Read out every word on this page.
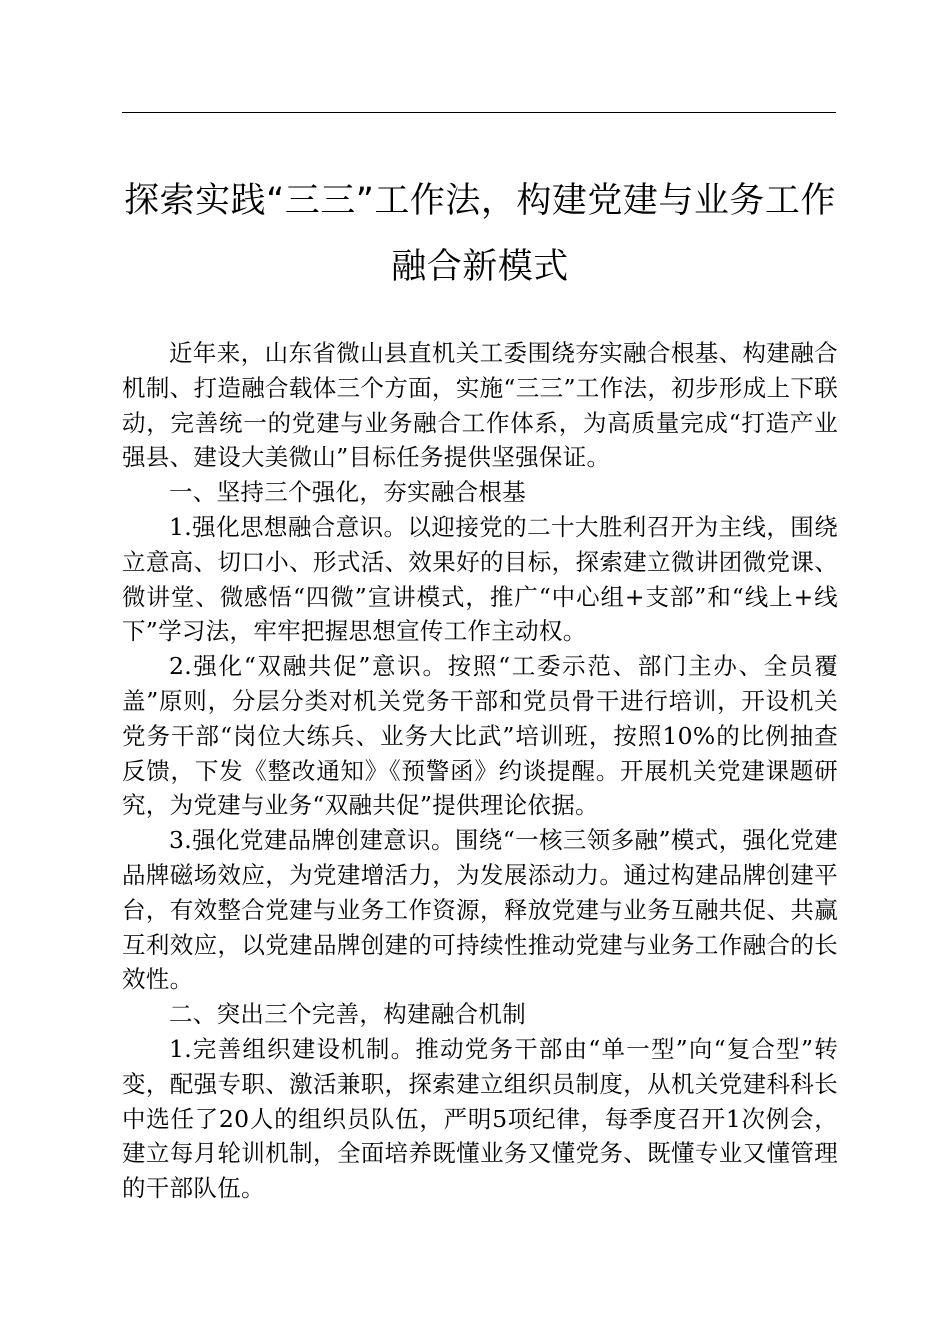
探索实践“三三”工作法，构建党建与业务工作
融合新模式

近年来，山东省微山县直机关工委围绕夯实融合根基、构建融合机制、打造融合载体三个方面，实施“三三”工作法，初步形成上下联动，完善统一的党建与业务融合工作体系，为高质量完成“打造产业强县、建设大美微山”目标任务提供坚强保证。

一、坚持三个强化，夯实融合根基

1.强化思想融合意识。以迎接党的二十大胜利召开为主线，围绕立意高、切口小、形式活、效果好的目标，探索建立微讲团微党课、微讲堂、微感悟“四微”宣讲模式，推广“中心组+支部”和“线上+线下”学习法，牢牢把握思想宣传工作主动权。

2.强化“双融共促”意识。按照“工委示范、部门主办、全员覆盖”原则，分层分类对机关党务干部和党员骨干进行培训，开设机关党务干部“岗位大练兵、业务大比武”培训班，按照10%的比例抽查反馈，下发《整改通知》《预警函》约谈提醒。开展机关党建课题研究，为党建与业务“双融共促”提供理论依据。

3.强化党建品牌创建意识。围绕“一核三领多融”模式，强化党建品牌磁场效应，为党建增活力，为发展添动力。通过构建品牌创建平台，有效整合党建与业务工作资源，释放党建与业务互融共促、共赢互利效应，以党建品牌创建的可持续性推动党建与业务工作融合的长效性。

二、突出三个完善，构建融合机制

1.完善组织建设机制。推动党务干部由“单一型”向“复合型”转变，配强专职、激活兼职，探索建立组织员制度，从机关党建科科长中选任了20人的组织员队伍，严明5项纪律，每季度召开1次例会，建立每月轮训机制，全面培养既懂业务又懂党务、既懂专业又懂管理的干部队伍。
